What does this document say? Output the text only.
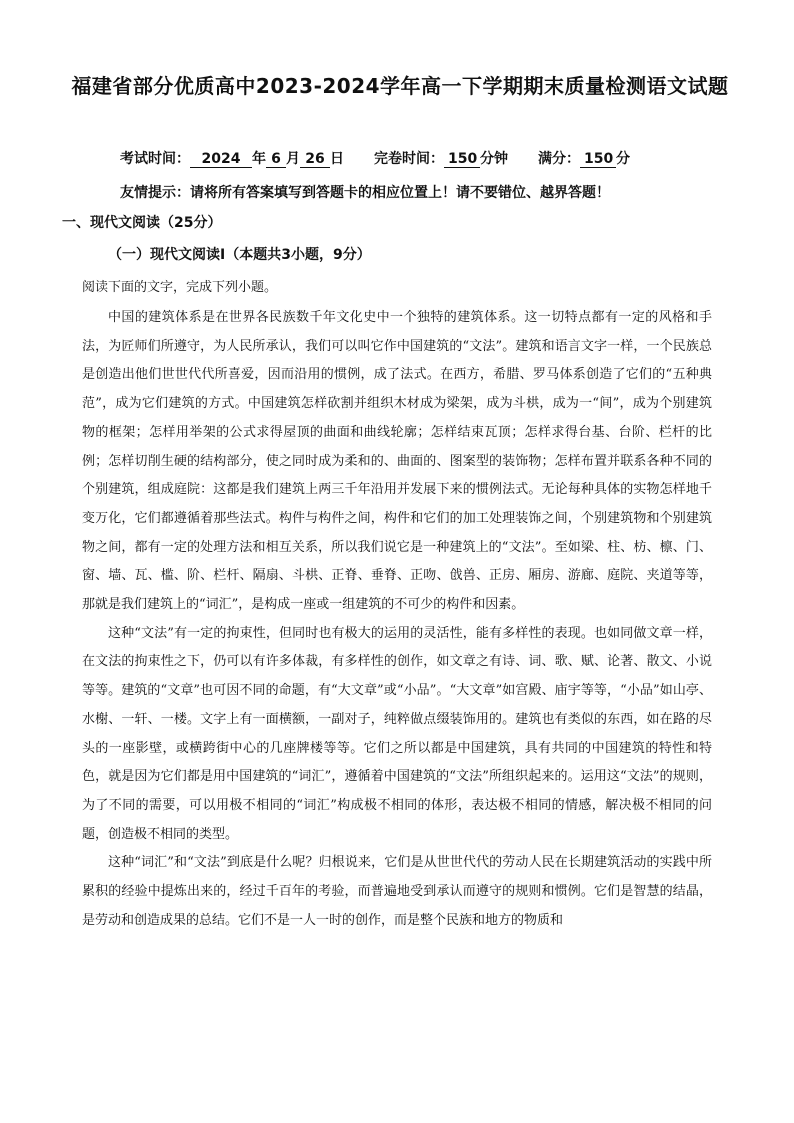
福建省部分优质高中2023-2024学年高一下学期期末质量检测语文试题
考试时间： 2024 年 6 月 26 日 完卷时间： 150 分钟 满分： 150 分
友情提示：请将所有答案填写到答题卡的相应位置上！请不要错位、越界答题！
一、现代文阅读（25分）
（一）现代文阅读Ⅰ（本题共3小题，9分）
阅读下面的文字，完成下列小题。

中国的建筑体系是在世界各民族数千年文化史中一个独特的建筑体系。这一切特点都有一定的风格和手法，为匠师们所遵守，为人民所承认，我们可以叫它作中国建筑的“文法”。建筑和语言文字一样，一个民族总是创造出他们世世代代所喜爱，因而沿用的惯例，成了法式。在西方，希腊、罗马体系创造了它们的“五种典范”，成为它们建筑的方式。中国建筑怎样砍割并组织木材成为梁架，成为斗栱，成为一“间”，成为个别建筑物的框架；怎样用举架的公式求得屋顶的曲面和曲线轮廓；怎样结束瓦顶；怎样求得台基、台阶、栏杆的比例；怎样切削生硬的结构部分，使之同时成为柔和的、曲面的、图案型的装饰物；怎样布置并联系各种不同的个别建筑，组成庭院：这都是我们建筑上两三千年沿用并发展下来的惯例法式。无论每种具体的实物怎样地千变万化，它们都遵循着那些法式。构件与构件之间，构件和它们的加工处理装饰之间，个别建筑物和个别建筑物之间，都有一定的处理方法和相互关系，所以我们说它是一种建筑上的“文法”。至如梁、柱、枋、檩、门、窗、墙、瓦、槛、阶、栏杆、隔扇、斗栱、正脊、垂脊、正吻、戗兽、正房、厢房、游廊、庭院、夹道等等，那就是我们建筑上的“词汇”，是构成一座或一组建筑的不可少的构件和因素。

这种“文法”有一定的拘束性，但同时也有极大的运用的灵活性，能有多样性的表现。也如同做文章一样，在文法的拘束性之下，仍可以有许多体裁，有多样性的创作，如文章之有诗、词、歌、赋、论著、散文、小说等等。建筑的“文章”也可因不同的命题，有“大文章”或“小品”。“大文章”如宫殿、庙宇等等，“小品”如山亭、水榭、一轩、一楼。文字上有一面横额，一副对子，纯粹做点缀装饰用的。建筑也有类似的东西，如在路的尽头的一座影壁，或横跨街中心的几座牌楼等等。它们之所以都是中国建筑，具有共同的中国建筑的特性和特色，就是因为它们都是用中国建筑的“词汇”，遵循着中国建筑的“文法”所组织起来的。运用这“文法”的规则，为了不同的需要，可以用极不相同的“词汇”构成极不相同的体形，表达极不相同的情感，解决极不相同的问题，创造极不相同的类型。

这种“词汇”和“文法”到底是什么呢？归根说来，它们是从世世代代的劳动人民在长期建筑活动的实践中所累积的经验中提炼出来的，经过千百年的考验，而普遍地受到承认而遵守的规则和惯例。它们是智慧的结晶，是劳动和创造成果的总结。它们不是一人一时的创作，而是整个民族和地方的物质和
